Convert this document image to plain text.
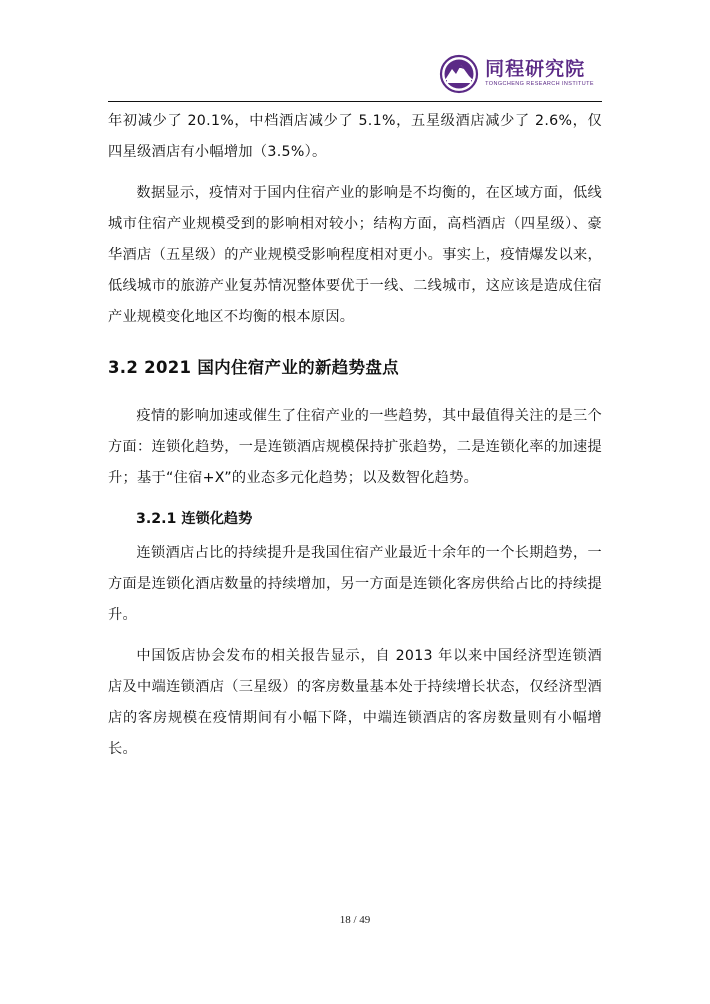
同程研究院
TONGCHENG RESEARCH INSTITUTE

年初减少了 20.1%，中档酒店减少了 5.1%，五星级酒店减少了 2.6%，仅四星级酒店有小幅增加（3.5%）。

数据显示，疫情对于国内住宿产业的影响是不均衡的，在区域方面，低线城市住宿产业规模受到的影响相对较小；结构方面，高档酒店（四星级）、豪华酒店（五星级）的产业规模受影响程度相对更小。事实上，疫情爆发以来，低线城市的旅游产业复苏情况整体要优于一线、二线城市，这应该是造成住宿产业规模变化地区不均衡的根本原因。

3.2 2021 国内住宿产业的新趋势盘点

疫情的影响加速或催生了住宿产业的一些趋势，其中最值得关注的是三个方面：连锁化趋势，一是连锁酒店规模保持扩张趋势，二是连锁化率的加速提升；基于“住宿+X”的业态多元化趋势；以及数智化趋势。

3.2.1 连锁化趋势

连锁酒店占比的持续提升是我国住宿产业最近十余年的一个长期趋势，一方面是连锁化酒店数量的持续增加，另一方面是连锁化客房供给占比的持续提升。

中国饭店协会发布的相关报告显示，自 2013 年以来中国经济型连锁酒店及中端连锁酒店（三星级）的客房数量基本处于持续增长状态，仅经济型酒店的客房规模在疫情期间有小幅下降，中端连锁酒店的客房数量则有小幅增长。

18 / 49
